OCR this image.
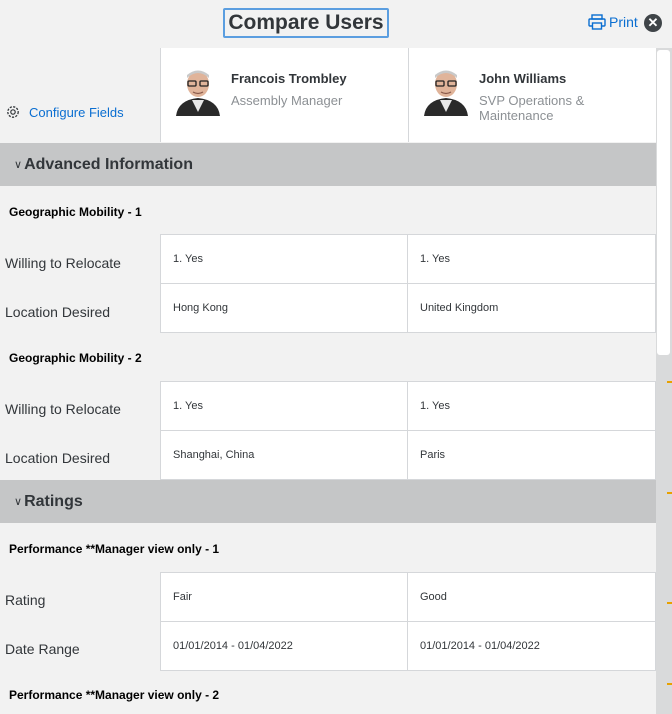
Compare Users	Print ✕
Configure Fields
Francois Trombley
Assembly Manager
John Williams
SVP Operations & Maintenance
∨ Advanced Information
Geographic Mobility - 1
Willing to Relocate	1. Yes	1. Yes
Location Desired	Hong Kong	United Kingdom
Geographic Mobility - 2
Willing to Relocate	1. Yes	1. Yes
Location Desired	Shanghai, China	Paris
∨ Ratings
Performance **Manager view only - 1
Rating	Fair	Good
Date Range	01/01/2014 - 01/04/2022	01/01/2014 - 01/04/2022
Performance **Manager view only - 2
